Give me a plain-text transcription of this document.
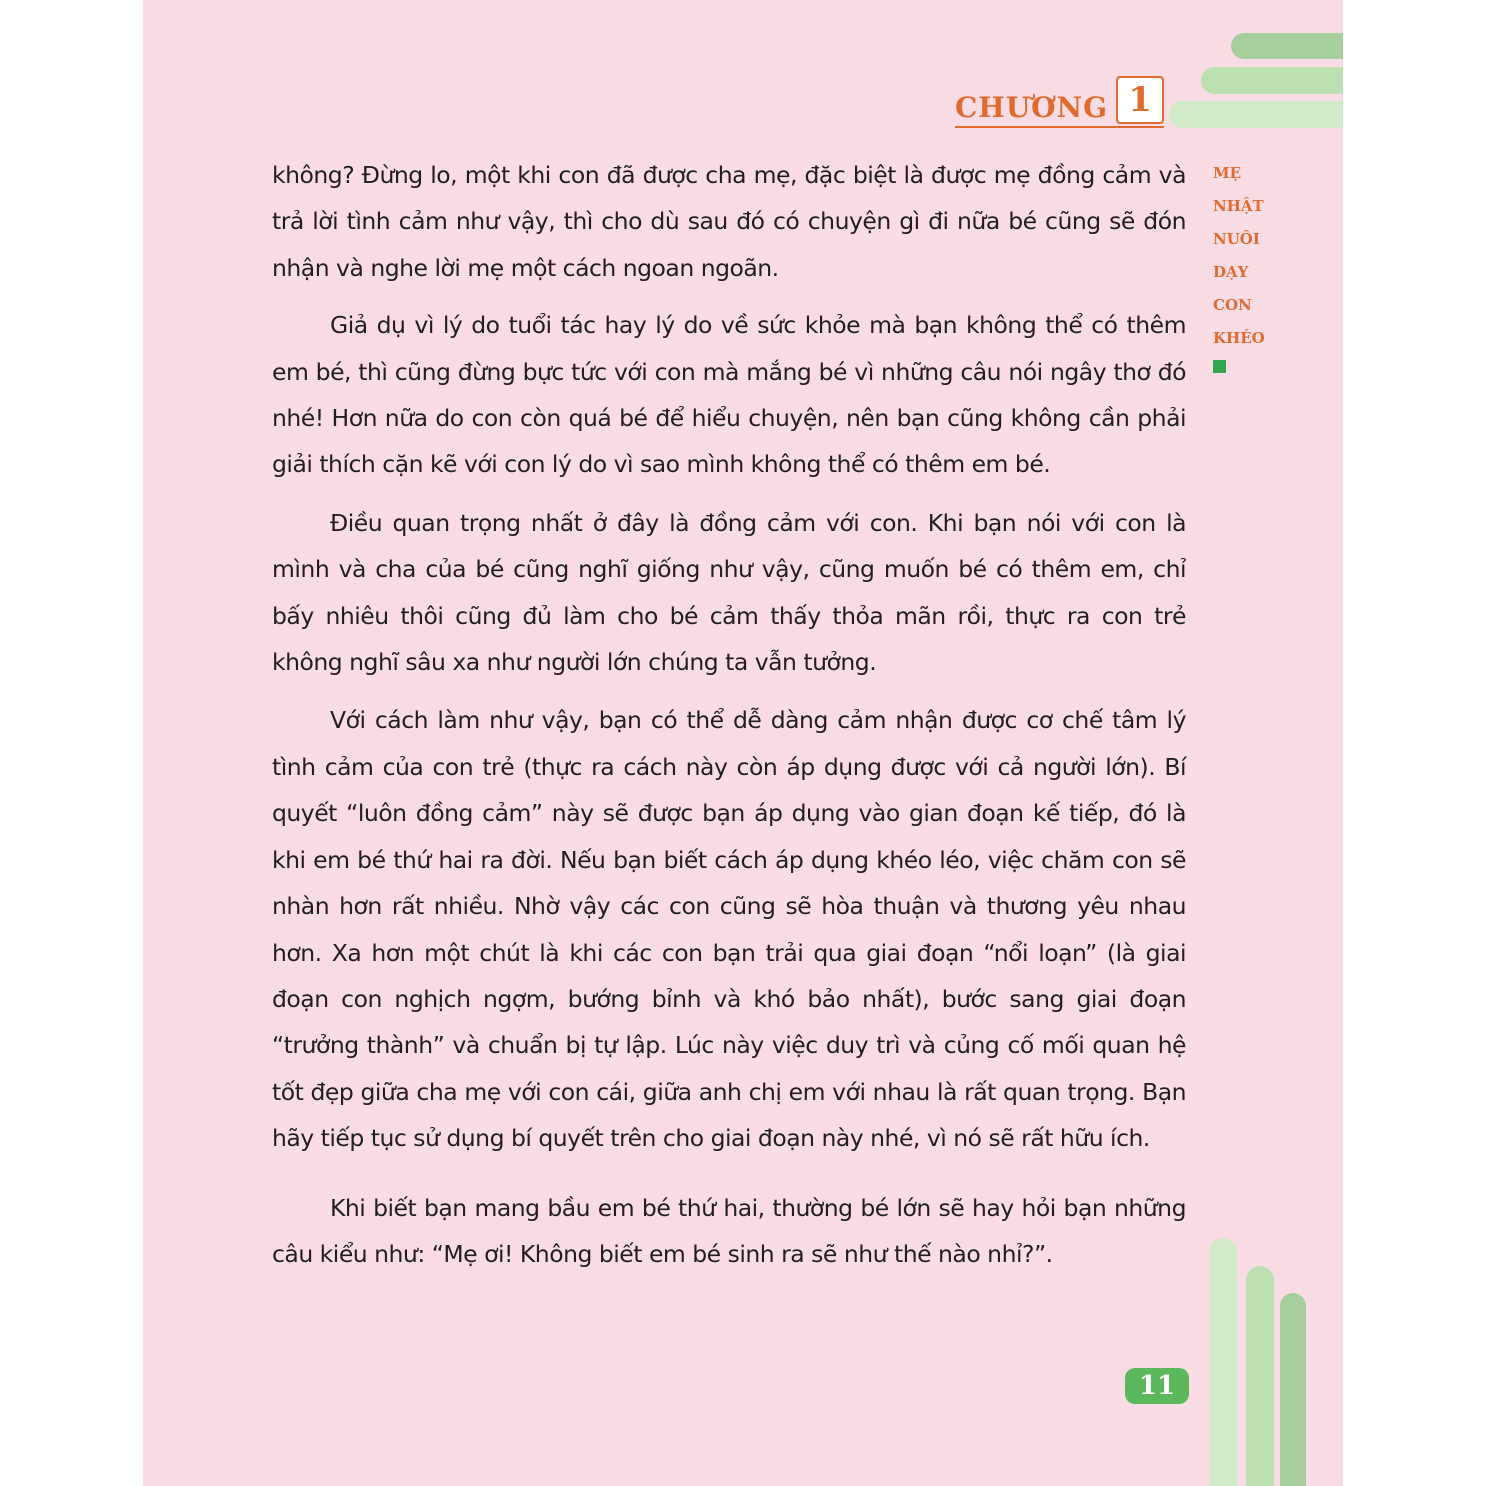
CHƯƠNG 1
MẸ
NHẬT
NUÔI
DẠY
CON
KHÉO

không? Đừng lo, một khi con đã được cha mẹ, đặc biệt là được mẹ đồng cảm và trả lời tình cảm như vậy, thì cho dù sau đó có chuyện gì đi nữa bé cũng sẽ đón nhận và nghe lời mẹ một cách ngoan ngoãn.

Giả dụ vì lý do tuổi tác hay lý do về sức khỏe mà bạn không thể có thêm em bé, thì cũng đừng bực tức với con mà mắng bé vì những câu nói ngây thơ đó nhé! Hơn nữa do con còn quá bé để hiểu chuyện, nên bạn cũng không cần phải giải thích cặn kẽ với con lý do vì sao mình không thể có thêm em bé.

Điều quan trọng nhất ở đây là đồng cảm với con. Khi bạn nói với con là mình và cha của bé cũng nghĩ giống như vậy, cũng muốn bé có thêm em, chỉ bấy nhiêu thôi cũng đủ làm cho bé cảm thấy thỏa mãn rồi, thực ra con trẻ không nghĩ sâu xa như người lớn chúng ta vẫn tưởng.

Với cách làm như vậy, bạn có thể dễ dàng cảm nhận được cơ chế tâm lý tình cảm của con trẻ (thực ra cách này còn áp dụng được với cả người lớn). Bí quyết “luôn đồng cảm” này sẽ được bạn áp dụng vào gian đoạn kế tiếp, đó là khi em bé thứ hai ra đời. Nếu bạn biết cách áp dụng khéo léo, việc chăm con sẽ nhàn hơn rất nhiều. Nhờ vậy các con cũng sẽ hòa thuận và thương yêu nhau hơn. Xa hơn một chút là khi các con bạn trải qua giai đoạn “nổi loạn” (là giai đoạn con nghịch ngợm, bướng bỉnh và khó bảo nhất), bước sang giai đoạn “trưởng thành” và chuẩn bị tự lập. Lúc này việc duy trì và củng cố mối quan hệ tốt đẹp giữa cha mẹ với con cái, giữa anh chị em với nhau là rất quan trọng. Bạn hãy tiếp tục sử dụng bí quyết trên cho giai đoạn này nhé, vì nó sẽ rất hữu ích.

Khi biết bạn mang bầu em bé thứ hai, thường bé lớn sẽ hay hỏi bạn những câu kiểu như: “Mẹ ơi! Không biết em bé sinh ra sẽ như thế nào nhỉ?”.

11
